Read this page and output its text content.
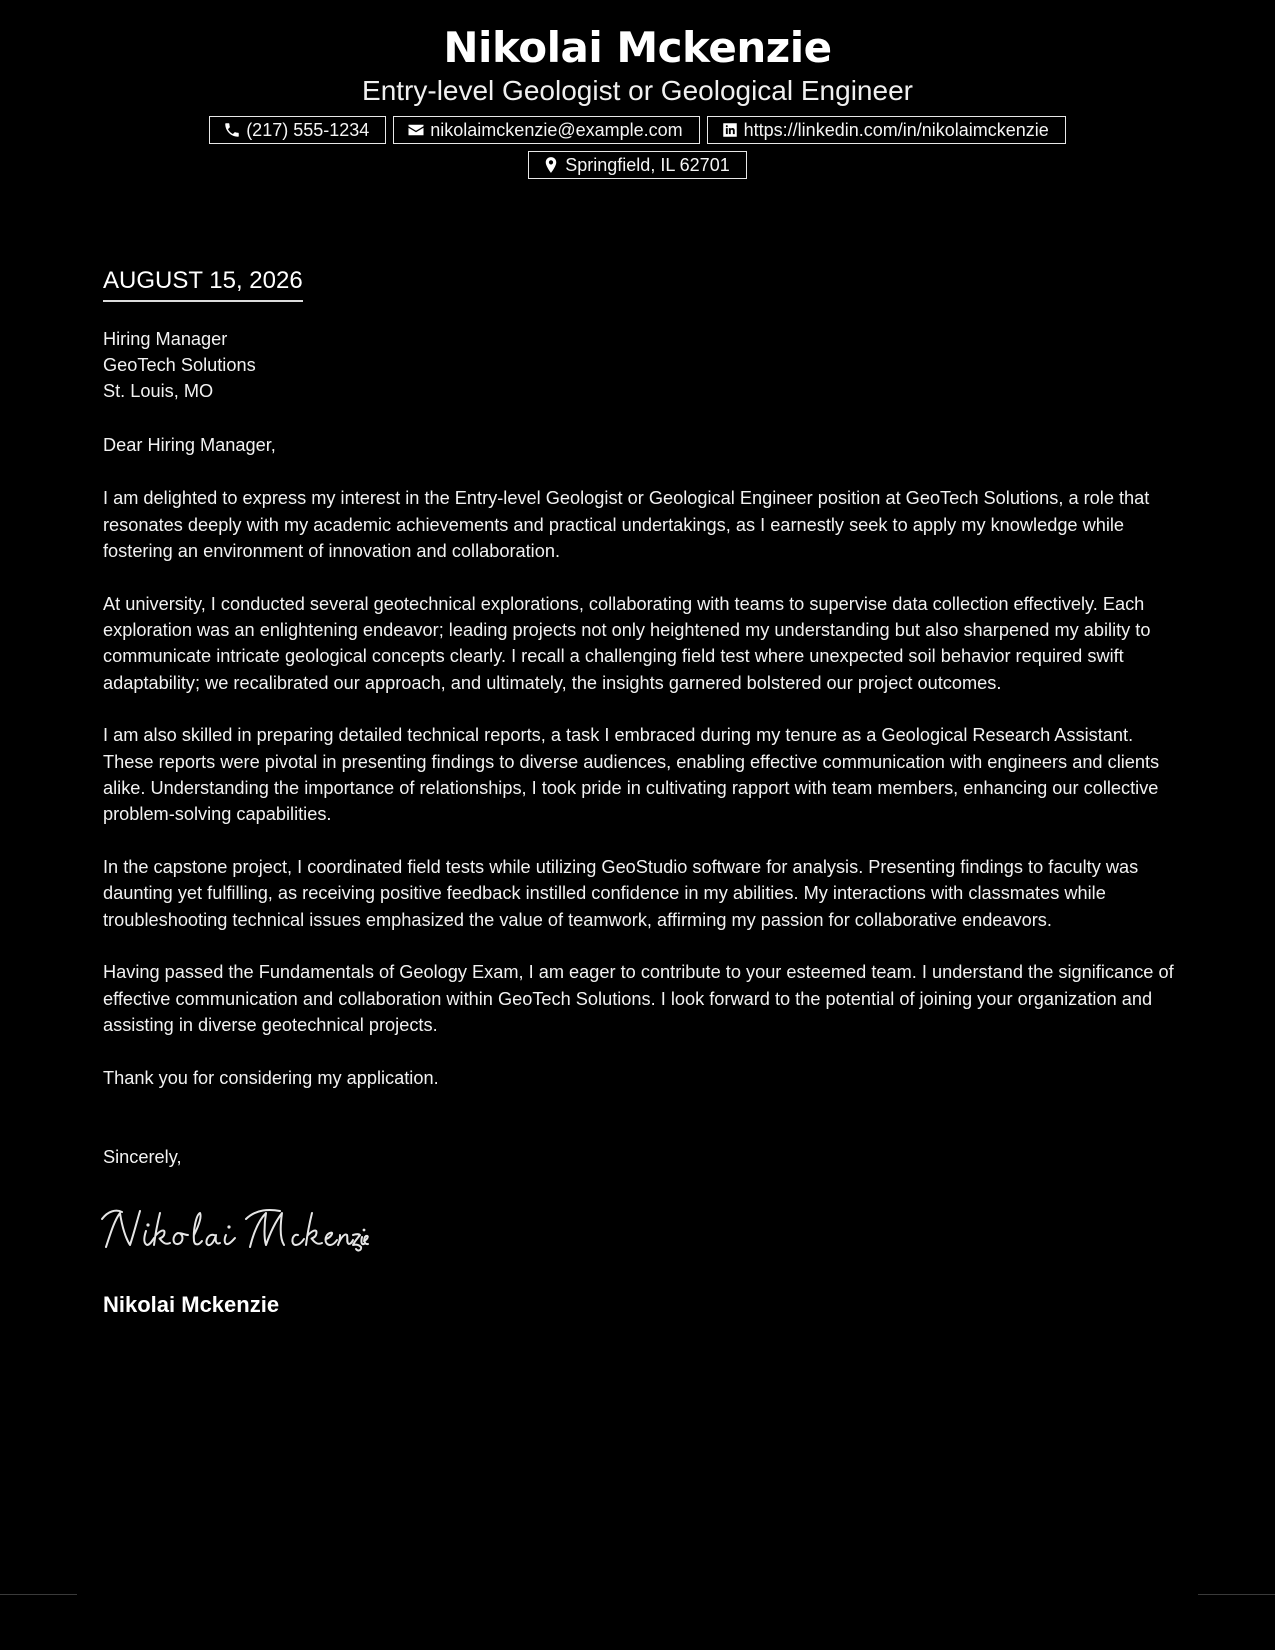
Nikolai Mckenzie
Entry-level Geologist or Geological Engineer
(217) 555-1234	nikolaimckenzie@example.com	https://linkedin.com/in/nikolaimckenzie
Springfield, IL 62701
AUGUST 15, 2026
Hiring Manager
GeoTech Solutions
St. Louis, MO
Dear Hiring Manager,
I am delighted to express my interest in the Entry-level Geologist or Geological Engineer position at GeoTech Solutions, a role that resonates deeply with my academic achievements and practical undertakings, as I earnestly seek to apply my knowledge while fostering an environment of innovation and collaboration.
At university, I conducted several geotechnical explorations, collaborating with teams to supervise data collection effectively. Each exploration was an enlightening endeavor; leading projects not only heightened my understanding but also sharpened my ability to communicate intricate geological concepts clearly. I recall a challenging field test where unexpected soil behavior required swift adaptability; we recalibrated our approach, and ultimately, the insights garnered bolstered our project outcomes.
I am also skilled in preparing detailed technical reports, a task I embraced during my tenure as a Geological Research Assistant. These reports were pivotal in presenting findings to diverse audiences, enabling effective communication with engineers and clients alike. Understanding the importance of relationships, I took pride in cultivating rapport with team members, enhancing our collective problem-solving capabilities.
In the capstone project, I coordinated field tests while utilizing GeoStudio software for analysis. Presenting findings to faculty was daunting yet fulfilling, as receiving positive feedback instilled confidence in my abilities. My interactions with classmates while troubleshooting technical issues emphasized the value of teamwork, affirming my passion for collaborative endeavors.
Having passed the Fundamentals of Geology Exam, I am eager to contribute to your esteemed team. I understand the significance of effective communication and collaboration within GeoTech Solutions. I look forward to the potential of joining your organization and assisting in diverse geotechnical projects.
Thank you for considering my application.
Sincerely,
Nikolai Mckenzie
